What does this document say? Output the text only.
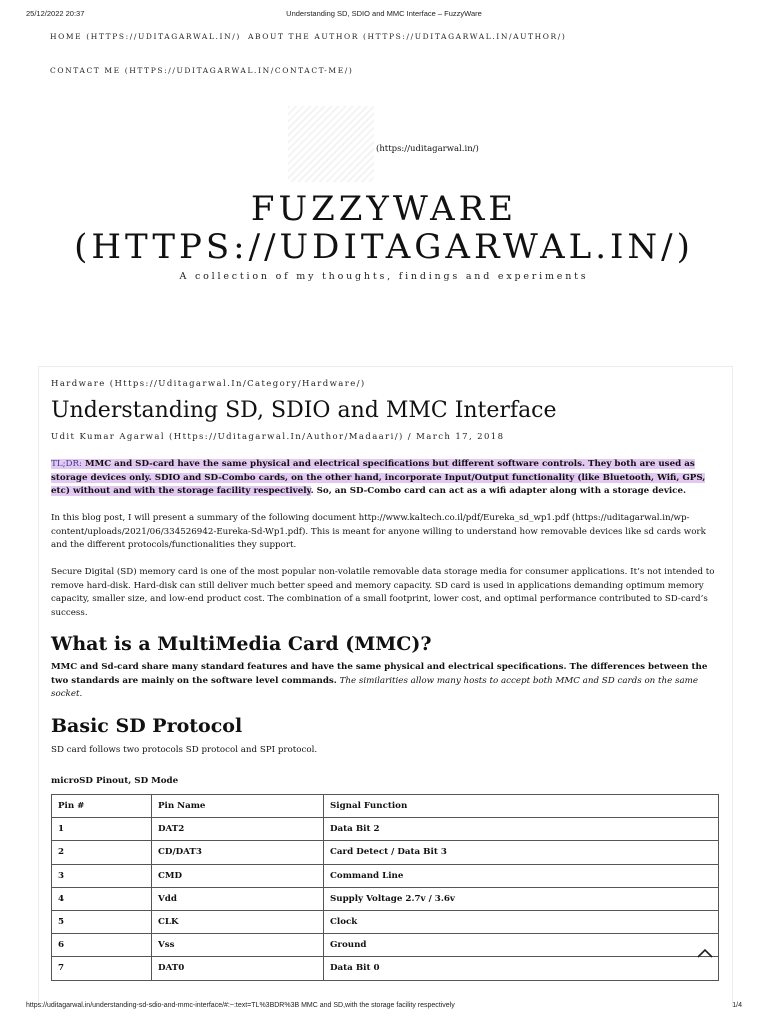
25/12/2022 20:37	Understanding SD, SDIO and MMC Interface – FuzzyWare
HOME (HTTPS://UDITAGARWAL.IN/) ABOUT THE AUTHOR (HTTPS://UDITAGARWAL.IN/AUTHOR/)
CONTACT ME (HTTPS://UDITAGARWAL.IN/CONTACT-ME/)
(https://uditagarwal.in/)
FUZZYWARE
(HTTPS://UDITAGARWAL.IN/)
A collection of my thoughts, findings and experiments
Hardware (Https://Uditagarwal.In/Category/Hardware/)
Understanding SD, SDIO and MMC Interface
Udit Kumar Agarwal (Https://Uditagarwal.In/Author/Madaari/) / March 17, 2018

TL;DR: MMC and SD-card have the same physical and electrical specifications but different software controls. They both are used as storage devices only. SDIO and SD-Combo cards, on the other hand, incorporate Input/Output functionality (like Bluetooth, Wifi, GPS, etc) without and with the storage facility respectively. So, an SD-Combo card can act as a wifi adapter along with a storage device.

In this blog post, I will present a summary of the following document http://www.kaltech.co.il/pdf/Eureka_sd_wp1.pdf (https://uditagarwal.in/wp-content/uploads/2021/06/334526942-Eureka-Sd-Wp1.pdf). This is meant for anyone willing to understand how removable devices like sd cards work and the different protocols/functionalities they support.

Secure Digital (SD) memory card is one of the most popular non-volatile removable data storage media for consumer applications. It’s not intended to remove hard-disk. Hard-disk can still deliver much better speed and memory capacity. SD card is used in applications demanding optimum memory capacity, smaller size, and low-end product cost. The combination of a small footprint, lower cost, and optimal performance contributed to SD-card’s success.

What is a MultiMedia Card (MMC)?

MMC and Sd-card share many standard features and have the same physical and electrical specifications. The differences between the two standards are mainly on the software level commands. The similarities allow many hosts to accept both MMC and SD cards on the same socket.

Basic SD Protocol

SD card follows two protocols SD protocol and SPI protocol.

microSD Pinout, SD Mode
Pin #	Pin Name	Signal Function
1	DAT2	Data Bit 2
2	CD/DAT3	Card Detect / Data Bit 3
3	CMD	Command Line
4	Vdd	Supply Voltage 2.7v / 3.6v
5	CLK	Clock
6	Vss	Ground
7	DAT0	Data Bit 0
https://uditagarwal.in/understanding-sd-sdio-and-mmc-interface/#:~:text=TL%3BDR%3B MMC and SD,with the storage facility respectively	1/4
